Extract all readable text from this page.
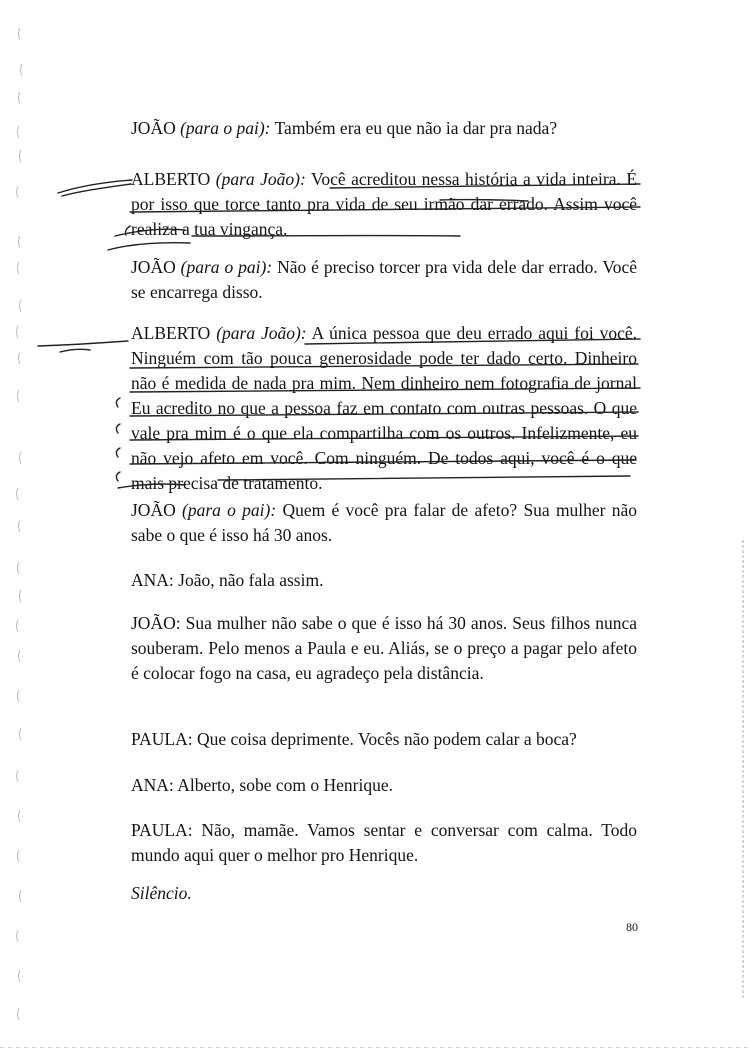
JOÃO (para o pai): Também era eu que não ia dar pra nada?

ALBERTO (para João): Você acreditou nessa história a vida inteira. É por isso que torce tanto pra vida de seu irmão dar errado. Assim você realiza a tua vingança.

JOÃO (para o pai): Não é preciso torcer pra vida dele dar errado. Você se encarrega disso.

ALBERTO (para João): A única pessoa que deu errado aqui foi você. Ninguém com tão pouca generosidade pode ter dado certo. Dinheiro não é medida de nada pra mim. Nem dinheiro nem fotografia de jornal Eu acredito no que a pessoa faz em contato com outras pessoas. O que vale pra mim é o que ela compartilha com os outros. Infelizmente, eu não vejo afeto em você. Com ninguém. De todos aqui, você é o que mais precisa de tratamento.

JOÃO (para o pai): Quem é você pra falar de afeto? Sua mulher não sabe o que é isso há 30 anos.

ANA: João, não fala assim.

JOÃO: Sua mulher não sabe o que é isso há 30 anos. Seus filhos nunca souberam. Pelo menos a Paula e eu. Aliás, se o preço a pagar pelo afeto é colocar fogo na casa, eu agradeço pela distância.

PAULA: Que coisa deprimente. Vocês não podem calar a boca?

ANA: Alberto, sobe com o Henrique.

PAULA: Não, mamãe. Vamos sentar e conversar com calma. Todo mundo aqui quer o melhor pro Henrique.

Silêncio.

80
